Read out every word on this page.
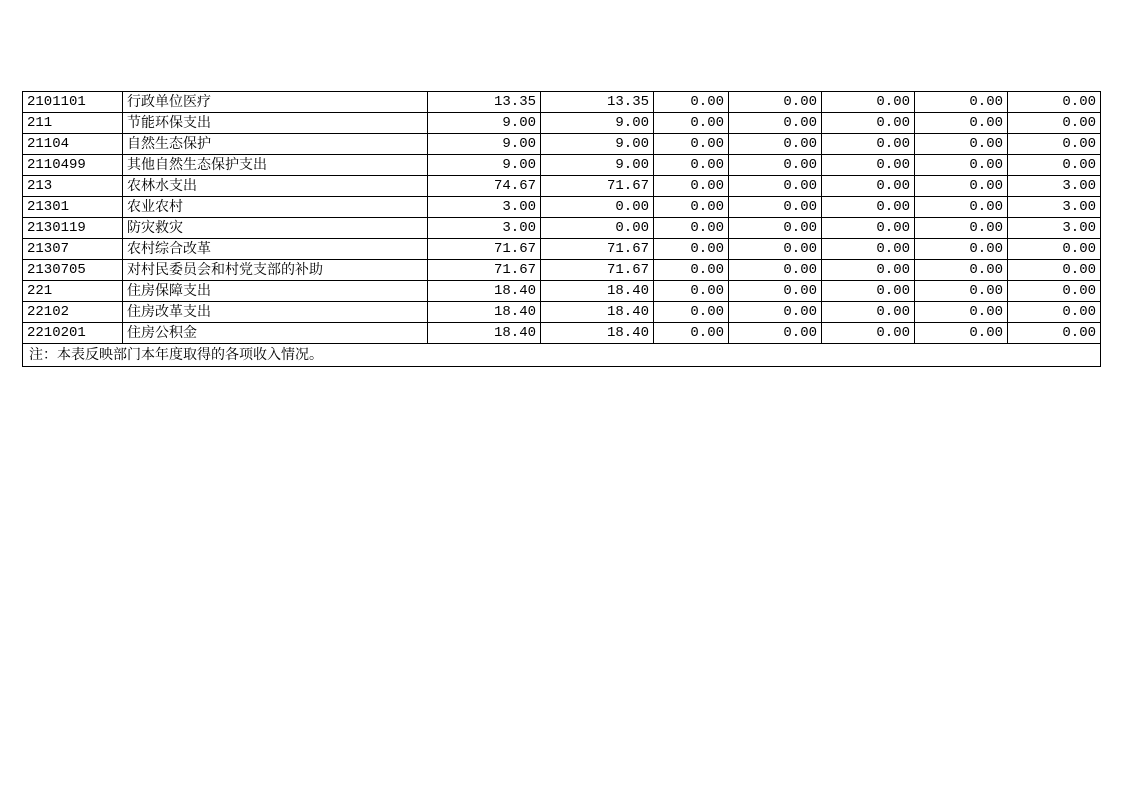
2101101	行政单位医疗	13.35	13.35	0.00	0.00	0.00	0.00	0.00
211	节能环保支出	9.00	9.00	0.00	0.00	0.00	0.00	0.00
21104	自然生态保护	9.00	9.00	0.00	0.00	0.00	0.00	0.00
2110499	其他自然生态保护支出	9.00	9.00	0.00	0.00	0.00	0.00	0.00
213	农林水支出	74.67	71.67	0.00	0.00	0.00	0.00	3.00
21301	农业农村	3.00	0.00	0.00	0.00	0.00	0.00	3.00
2130119	防灾救灾	3.00	0.00	0.00	0.00	0.00	0.00	3.00
21307	农村综合改革	71.67	71.67	0.00	0.00	0.00	0.00	0.00
2130705	对村民委员会和村党支部的补助	71.67	71.67	0.00	0.00	0.00	0.00	0.00
221	住房保障支出	18.40	18.40	0.00	0.00	0.00	0.00	0.00
22102	住房改革支出	18.40	18.40	0.00	0.00	0.00	0.00	0.00
2210201	住房公积金	18.40	18.40	0.00	0.00	0.00	0.00	0.00
注：本表反映部门本年度取得的各项收入情况。								
